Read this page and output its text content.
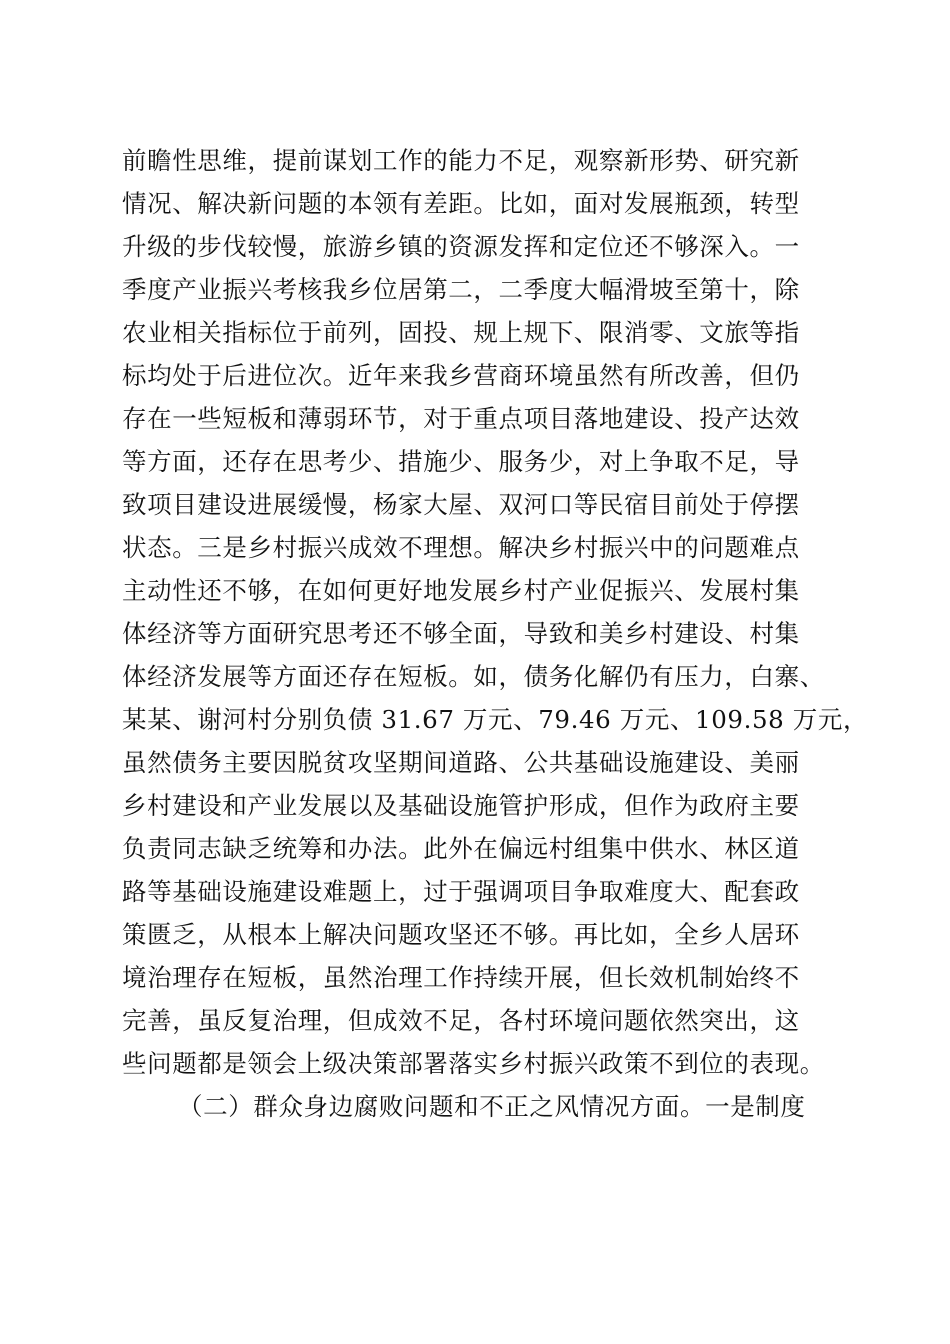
前瞻性思维，提前谋划工作的能力不足，观察新形势、研究新
情况、解决新问题的本领有差距。比如，面对发展瓶颈，转型
升级的步伐较慢，旅游乡镇的资源发挥和定位还不够深入。一
季度产业振兴考核我乡位居第二，二季度大幅滑坡至第十，除
农业相关指标位于前列，固投、规上规下、限消零、文旅等指
标均处于后进位次。近年来我乡营商环境虽然有所改善，但仍
存在一些短板和薄弱环节，对于重点项目落地建设、投产达效
等方面，还存在思考少、措施少、服务少，对上争取不足，导
致项目建设进展缓慢，杨家大屋、双河口等民宿目前处于停摆
状态。三是乡村振兴成效不理想。解决乡村振兴中的问题难点
主动性还不够，在如何更好地发展乡村产业促振兴、发展村集
体经济等方面研究思考还不够全面，导致和美乡村建设、村集
体经济发展等方面还存在短板。如，债务化解仍有压力，白寨、
某某、谢河村分别负债 31.67 万元、79.46 万元、109.58 万元，
虽然债务主要因脱贫攻坚期间道路、公共基础设施建设、美丽
乡村建设和产业发展以及基础设施管护形成，但作为政府主要
负责同志缺乏统筹和办法。此外在偏远村组集中供水、林区道
路等基础设施建设难题上，过于强调项目争取难度大、配套政
策匮乏，从根本上解决问题攻坚还不够。再比如，全乡人居环
境治理存在短板，虽然治理工作持续开展，但长效机制始终不
完善，虽反复治理，但成效不足，各村环境问题依然突出，这
些问题都是领会上级决策部署落实乡村振兴政策不到位的表现。
（二）群众身边腐败问题和不正之风情况方面。一是制度
